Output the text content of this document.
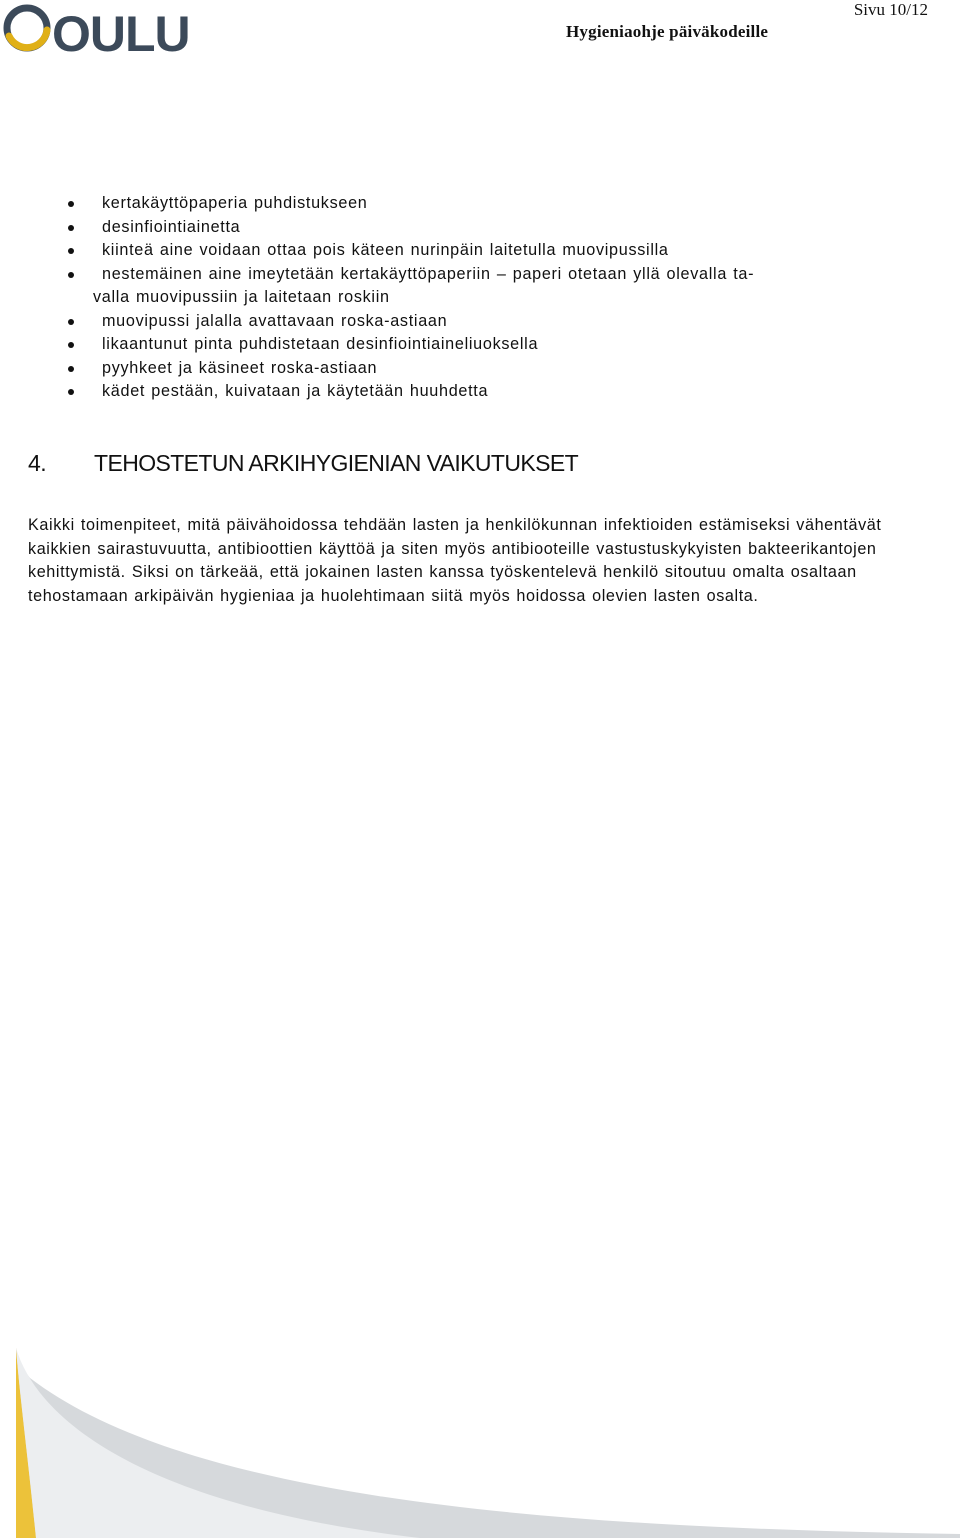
OULU	Hygieniaohje päiväkodeille
Sivu 10/12
kertakäyttöpaperia puhdistukseen
desinfiointiainetta
kiinteä aine voidaan ottaa pois käteen nurinpäin laitetulla muovipussilla
nestemäinen aine imeytetään kertakäyttöpaperiin – paperi otetaan yllä olevalla ta-
valla muovipussiin ja laitetaan roskiin
muovipussi jalalla avattavaan roska-astiaan
likaantunut pinta puhdistetaan desinfiointiaineliuoksella
pyyhkeet ja käsineet roska-astiaan
kädet pestään, kuivataan ja käytetään huuhdetta
4. TEHOSTETUN ARKIHYGIENIAN VAIKUTUKSET

Kaikki toimenpiteet, mitä päivähoidossa tehdään lasten ja henkilökunnan infektioiden estämiseksi vähentävät kaikkien sairastuvuutta, antibioottien käyttöä ja siten myös antibiooteille vastustuskykyisten bakteerikantojen kehittymistä. Siksi on tärkeää, että jokainen lasten kanssa työskentelevä henkilö sitoutuu omalta osaltaan tehostamaan arkipäivän hygieniaa ja huolehtimaan siitä myös hoidossa olevien lasten osalta.
